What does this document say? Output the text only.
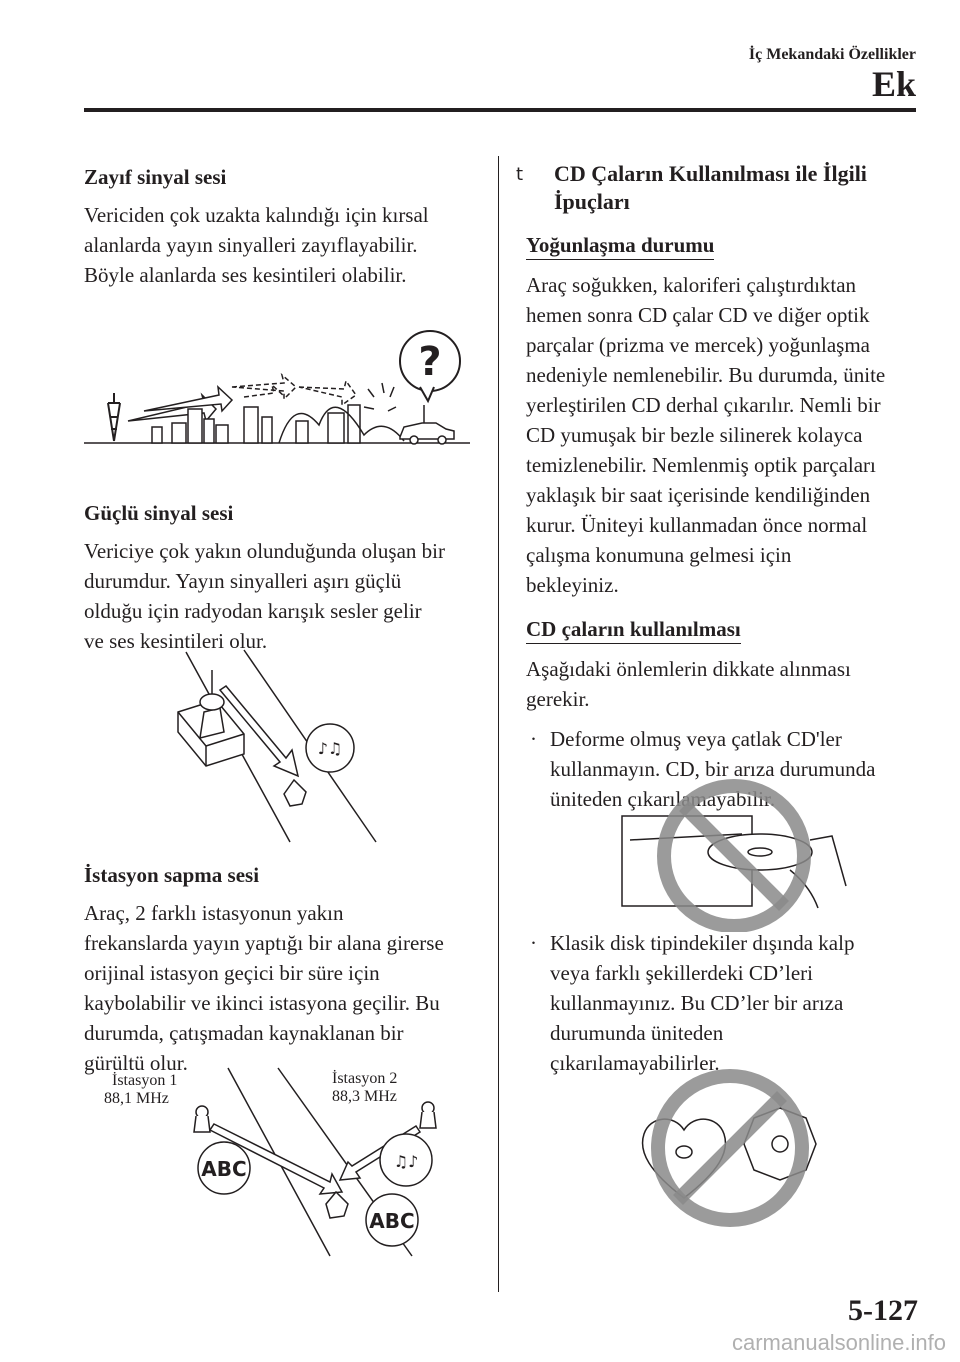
İç Mekandaki Özellikler
Ek

Zayıf sinyal sesi

Vericiden çok uzakta kalındığı için kırsal

alanlarda yayın sinyalleri zayıflayabilir.

Böyle alanlarda ses kesintileri olabilir.

?

Güçlü sinyal sesi

Vericiye çok yakın olunduğunda oluşan bir

durumdur. Yayın sinyalleri aşırı güçlü

olduğu için radyodan karışık sesler gelir

ve ses kesintileri olur.

♪♫

İstasyon sapma sesi

Araç, 2 farklı istasyonun yakın

frekanslarda yayın yaptığı bir alana girerse

orijinal istasyon geçici bir süre için

kaybolabilir ve ikinci istasyona geçilir. Bu

durumda, çatışmadan kaynaklanan bir

gürültü olur.

İstasyon 1
88,1 MHz
İstasyon 2
88,3 MHz
ABC	♫♪
ABC
t	CD Çaların Kullanılması ile İlgili

İpuçları

Yoğunlaşma durumu

Araç soğukken, kaloriferi çalıştırdıktan

hemen sonra CD çalar CD ve diğer optik

parçalar (prizma ve mercek) yoğunlaşma

nedeniyle nemlenebilir. Bu durumda, ünite

yerleştirilen CD derhal çıkarılır. Nemli bir

CD yumuşak bir bezle silinerek kolayca

temizlenebilir. Nemlenmiş optik parçaları

yaklaşık bir saat içerisinde kendiliğinden

kurur. Üniteyi kullanmadan önce normal

çalışma konumuna gelmesi için

bekleyiniz.

CD çaların kullanılması

Aşağıdaki önlemlerin dikkate alınması

gerekir.

· Deforme olmuş veya çatlak CD'ler

kullanmayın. CD, bir arıza durumunda

üniteden çıkarılamayabilir.

· Klasik disk tipindekiler dışında kalp

veya farklı şekillerdeki CD’leri

kullanmayınız. Bu CD’ler bir arıza

durumunda üniteden

çıkarılamayabilirler.

5-127
carmanualsonline.info
